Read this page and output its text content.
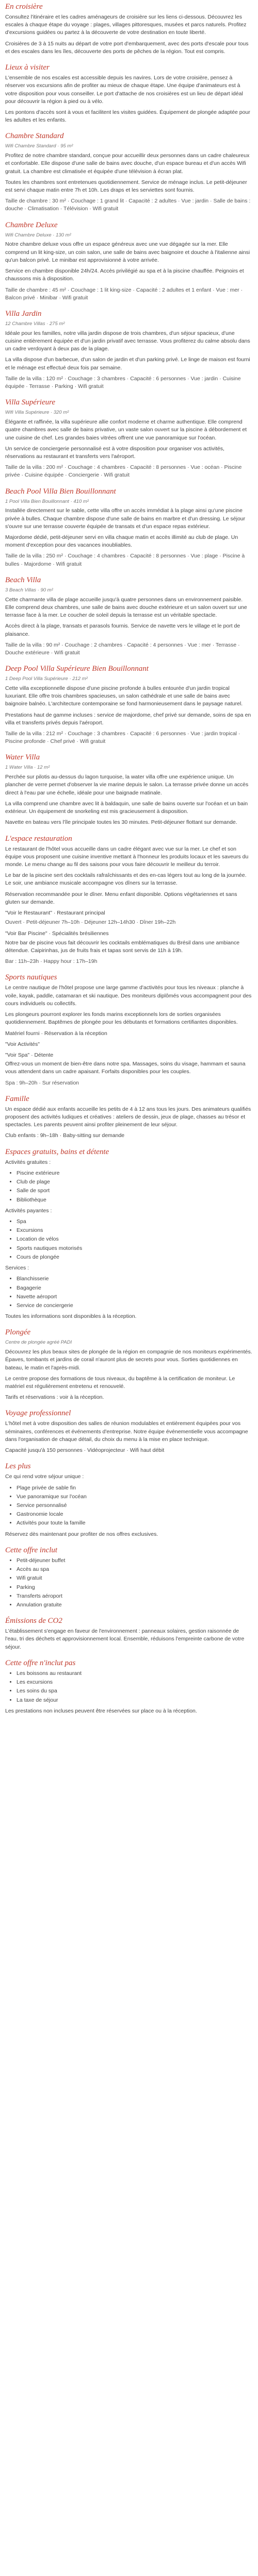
En croisière

Consultez l'itinéraire et les cadres aménageurs de croisière sur les liens ci-dessous. Découvrez les escales à chaque étape du voyage : plages, villages pittoresques, musées et parcs naturels. Profitez d'excursions guidées ou partez à la découverte de votre destination en toute liberté.

Croisières de 3 à 15 nuits au départ de votre port d'embarquement, avec des ports d'escale pour tous et des escales dans les îles, découverte des ports de pêches de la région. Tout est compris.

Lieux à visiter

L'ensemble de nos escales est accessible depuis les navires. Lors de votre croisière, pensez à réserver vos excursions afin de profiter au mieux de chaque étape. Une équipe d'animateurs est à votre disposition pour vous conseiller. Le port d'attache de nos croisières est un lieu de départ idéal pour découvrir la région à pied ou à vélo.

Les pontons d'accès sont à vous et facilitent les visites guidées. Équipement de plongée adaptée pour les adultes et les enfants.

Chambre Standard
Wifi Chambre Standard · 95 m²

Profitez de notre chambre standard, conçue pour accueillir deux personnes dans un cadre chaleureux et confortable. Elle dispose d'une salle de bains avec douche, d'un espace bureau et d'un accès Wifi gratuit. La chambre est climatisée et équipée d'une télévision à écran plat.

Toutes les chambres sont entretenues quotidiennement. Service de ménage inclus. Le petit-déjeuner est servi chaque matin entre 7h et 10h. Les draps et les serviettes sont fournis.

Taille de chambre : 30 m² · Couchage : 1 grand lit · Capacité : 2 adultes · Vue : jardin · Salle de bains : douche · Climatisation · Télévision · Wifi gratuit

Chambre Deluxe
Wifi Chambre Deluxe · 130 m²

Notre chambre deluxe vous offre un espace généreux avec une vue dégagée sur la mer. Elle comprend un lit king-size, un coin salon, une salle de bains avec baignoire et douche à l'italienne ainsi qu'un balcon privé. Le minibar est approvisionné à votre arrivée.

Service en chambre disponible 24h/24. Accès privilégié au spa et à la piscine chauffée. Peignoirs et chaussons mis à disposition.

Taille de chambre : 45 m² · Couchage : 1 lit king-size · Capacité : 2 adultes et 1 enfant · Vue : mer · Balcon privé · Minibar · Wifi gratuit

Villa Jardin
12 Chambre Villas · 275 m²

Idéale pour les familles, notre villa jardin dispose de trois chambres, d'un séjour spacieux, d'une cuisine entièrement équipée et d'un jardin privatif avec terrasse. Vous profiterez du calme absolu dans un cadre verdoyant à deux pas de la plage.

La villa dispose d'un barbecue, d'un salon de jardin et d'un parking privé. Le linge de maison est fourni et le ménage est effectué deux fois par semaine.

Taille de la villa : 120 m² · Couchage : 3 chambres · Capacité : 6 personnes · Vue : jardin · Cuisine équipée · Terrasse · Parking · Wifi gratuit

Villa Supérieure
Wifi Villa Supérieure · 320 m²

Élégante et raffinée, la villa supérieure allie confort moderne et charme authentique. Elle comprend quatre chambres avec salle de bains privative, un vaste salon ouvert sur la piscine à débordement et une cuisine de chef. Les grandes baies vitrées offrent une vue panoramique sur l'océan.

Un service de conciergerie personnalisé est à votre disposition pour organiser vos activités, réservations au restaurant et transferts vers l'aéroport.

Taille de la villa : 200 m² · Couchage : 4 chambres · Capacité : 8 personnes · Vue : océan · Piscine privée · Cuisine équipée · Conciergerie · Wifi gratuit

Beach Pool Villa Bien Bouillonnant
1 Pool Villa Bien Bouillonnant · 410 m²

Installée directement sur le sable, cette villa offre un accès immédiat à la plage ainsi qu'une piscine privée à bulles. Chaque chambre dispose d'une salle de bains en marbre et d'un dressing. Le séjour s'ouvre sur une terrasse couverte équipée de transats et d'un espace repas extérieur.

Majordome dédié, petit-déjeuner servi en villa chaque matin et accès illimité au club de plage. Un moment d'exception pour des vacances inoubliables.

Taille de la villa : 250 m² · Couchage : 4 chambres · Capacité : 8 personnes · Vue : plage · Piscine à bulles · Majordome · Wifi gratuit

Beach Villa
3 Beach Villas · 90 m²

Cette charmante villa de plage accueille jusqu'à quatre personnes dans un environnement paisible. Elle comprend deux chambres, une salle de bains avec douche extérieure et un salon ouvert sur une terrasse face à la mer. Le coucher de soleil depuis la terrasse est un véritable spectacle.

Accès direct à la plage, transats et parasols fournis. Service de navette vers le village et le port de plaisance.

Taille de la villa : 90 m² · Couchage : 2 chambres · Capacité : 4 personnes · Vue : mer · Terrasse · Douche extérieure · Wifi gratuit

Deep Pool Villa Supérieure Bien Bouillonnant
1 Deep Pool Villa Supérieure · 212 m²

Cette villa exceptionnelle dispose d'une piscine profonde à bulles entourée d'un jardin tropical luxuriant. Elle offre trois chambres spacieuses, un salon cathédrale et une salle de bains avec baignoire balnéo. L'architecture contemporaine se fond harmonieusement dans le paysage naturel.

Prestations haut de gamme incluses : service de majordome, chef privé sur demande, soins de spa en villa et transferts privés depuis l'aéroport.

Taille de la villa : 212 m² · Couchage : 3 chambres · Capacité : 6 personnes · Vue : jardin tropical · Piscine profonde · Chef privé · Wifi gratuit

Water Villa
1 Water Villa · 12 m²

Perchée sur pilotis au-dessus du lagon turquoise, la water villa offre une expérience unique. Un plancher de verre permet d'observer la vie marine depuis le salon. La terrasse privée donne un accès direct à l'eau par une échelle, idéale pour une baignade matinale.

La villa comprend une chambre avec lit à baldaquin, une salle de bains ouverte sur l'océan et un bain extérieur. Un équipement de snorkeling est mis gracieusement à disposition.

Navette en bateau vers l'île principale toutes les 30 minutes. Petit-déjeuner flottant sur demande.

L'espace restauration

Le restaurant de l'hôtel vous accueille dans un cadre élégant avec vue sur la mer. Le chef et son équipe vous proposent une cuisine inventive mettant à l'honneur les produits locaux et les saveurs du monde. Le menu change au fil des saisons pour vous faire découvrir le meilleur du terroir.

Le bar de la piscine sert des cocktails rafraîchissants et des en-cas légers tout au long de la journée. Le soir, une ambiance musicale accompagne vos dîners sur la terrasse.

Réservation recommandée pour le dîner. Menu enfant disponible. Options végétariennes et sans gluten sur demande.

"Voir le Restaurant" · Restaurant principal

Ouvert · Petit-déjeuner 7h–10h · Déjeuner 12h–14h30 · Dîner 19h–22h

"Voir Bar Piscine" · Spécialités brésiliennes

Notre bar de piscine vous fait découvrir les cocktails emblématiques du Brésil dans une ambiance détendue. Caipirinhas, jus de fruits frais et tapas sont servis de 11h à 19h.

Bar : 11h–23h · Happy hour : 17h–19h

Sports nautiques

Le centre nautique de l'hôtel propose une large gamme d'activités pour tous les niveaux : planche à voile, kayak, paddle, catamaran et ski nautique. Des moniteurs diplômés vous accompagnent pour des cours individuels ou collectifs.

Les plongeurs pourront explorer les fonds marins exceptionnels lors de sorties organisées quotidiennement. Baptêmes de plongée pour les débutants et formations certifiantes disponibles.

Matériel fourni · Réservation à la réception

"Voir Activités"

"Voir Spa" · Détente

Offrez-vous un moment de bien-être dans notre spa. Massages, soins du visage, hammam et sauna vous attendent dans un cadre apaisant. Forfaits disponibles pour les couples.

Spa : 9h–20h · Sur réservation

Famille

Un espace dédié aux enfants accueille les petits de 4 à 12 ans tous les jours. Des animateurs qualifiés proposent des activités ludiques et créatives : ateliers de dessin, jeux de plage, chasses au trésor et spectacles. Les parents peuvent ainsi profiter pleinement de leur séjour.

Club enfants : 9h–18h · Baby-sitting sur demande

Espaces gratuits, bains et détente

Activités gratuites :

• Piscine extérieure
• Club de plage
• Salle de sport
• Bibliothèque

Activités payantes :

• Spa
• Excursions
• Location de vélos
• Sports nautiques motorisés
• Cours de plongée

Services :

• Blanchisserie
• Bagagerie
• Navette aéroport
• Service de conciergerie

Toutes les informations sont disponibles à la réception.

Plongée
Centre de plongée agréé PADI

Découvrez les plus beaux sites de plongée de la région en compagnie de nos moniteurs expérimentés. Épaves, tombants et jardins de corail n'auront plus de secrets pour vous. Sorties quotidiennes en bateau, le matin et l'après-midi.

Le centre propose des formations de tous niveaux, du baptême à la certification de moniteur. Le matériel est régulièrement entretenu et renouvelé.

Tarifs et réservations : voir à la réception.

Voyage professionnel

L'hôtel met à votre disposition des salles de réunion modulables et entièrement équipées pour vos séminaires, conférences et événements d'entreprise. Notre équipe événementielle vous accompagne dans l'organisation de chaque détail, du choix du menu à la mise en place technique.

Capacité jusqu'à 150 personnes · Vidéoprojecteur · Wifi haut débit

Les plus

Ce qui rend votre séjour unique :

• Plage privée de sable fin
• Vue panoramique sur l'océan
• Service personnalisé
• Gastronomie locale
• Activités pour toute la famille

Réservez dès maintenant pour profiter de nos offres exclusives.

Cette offre inclut
• Petit-déjeuner buffet
• Accès au spa
• Wifi gratuit
• Parking
• Transferts aéroport
• Annulation gratuite
Émissions de CO2

L'établissement s'engage en faveur de l'environnement : panneaux solaires, gestion raisonnée de l'eau, tri des déchets et approvisionnement local. Ensemble, réduisons l'empreinte carbone de votre séjour.

Cette offre n'inclut pas
• Les boissons au restaurant
• Les excursions
• Les soins du spa
• La taxe de séjour

Les prestations non incluses peuvent être réservées sur place ou à la réception.
